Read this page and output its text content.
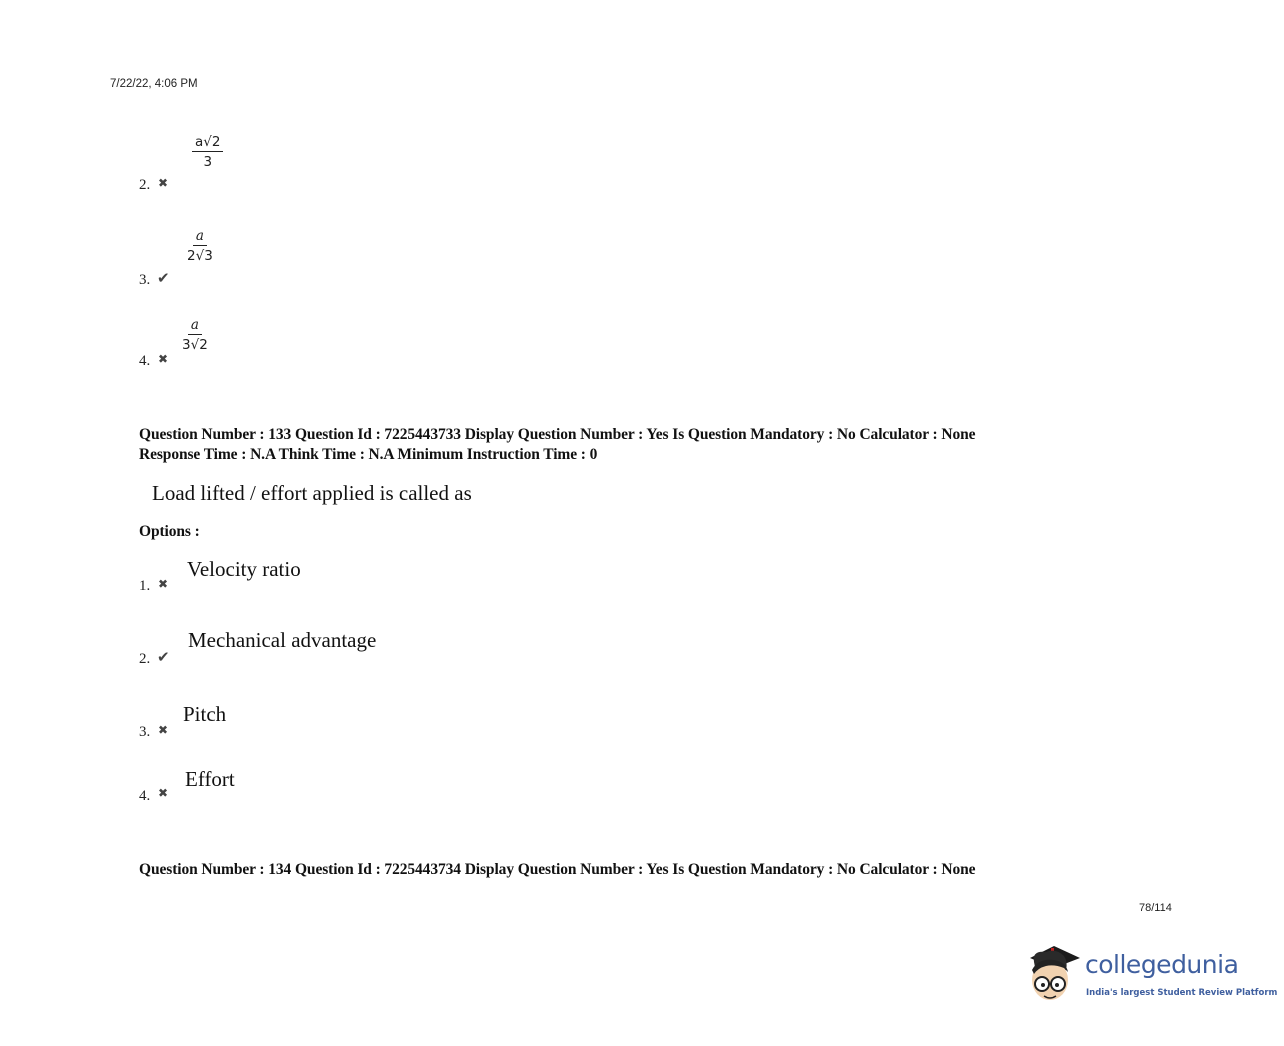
7/22/22, 4:06 PM
$\frac{a√2}{3}$
2. ✖
$\frac{a}{2√3}$
3. ✔
$\frac{a}{3√2}$
4. ✖
Question Number : 133 Question Id : 7225443733 Display Question Number : Yes Is Question Mandatory : No Calculator : None
Response Time : N.A Think Time : N.A Minimum Instruction Time : 0
Load lifted / effort applied is called as
Options :
Velocity ratio
1. ✖
Mechanical advantage
2. ✔
Pitch
3. ✖
Effort
4. ✖
Question Number : 134 Question Id : 7225443734 Display Question Number : Yes Is Question Mandatory : No Calculator : None
78/114
collegedunia
India's largest Student Review Platform
